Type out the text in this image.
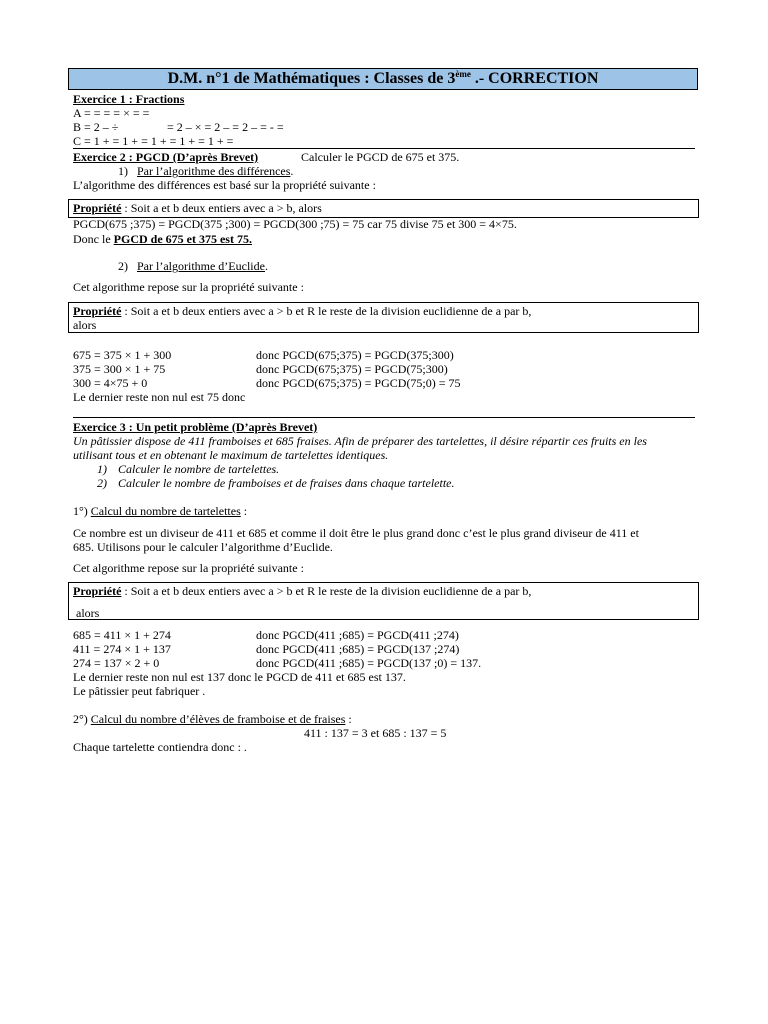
D.M. n°1 de Mathématiques : Classes de 3ème .- CORRECTION
Exercice 1 : Fractions
A = = = = × = =
B = 2 – ÷	= 2 – × = 2 – = 2 – = - =
C = 1 + = 1 + = 1 + = 1 + = 1 + =
Exercice 2 : PGCD (D’après Brevet)	Calculer le PGCD de 675 et 375.
1) Par l’algorithme des différences.
L’algorithme des différences est basé sur la propriété suivante :
Propriété : Soit a et b deux entiers avec a > b, alors
PGCD(675 ;375) = PGCD(375 ;300) = PGCD(300 ;75) = 75 car 75 divise 75 et 300 = 4×75.
Donc le PGCD de 675 et 375 est 75.
2) Par l’algorithme d’Euclide.
Cet algorithme repose sur la propriété suivante :
Propriété : Soit a et b deux entiers avec a > b et R le reste de la division euclidienne de a par b,
alors
675 = 375 × 1 + 300	donc PGCD(675;375) = PGCD(375;300)
375 = 300 × 1 + 75	donc PGCD(675;375) = PGCD(75;300)
300 = 4×75 + 0	donc PGCD(675;375) = PGCD(75;0) = 75
Le dernier reste non nul est 75 donc
Exercice 3 : Un petit problème (D’après Brevet)
Un pâtissier dispose de 411 framboises et 685 fraises. Afin de préparer des tartelettes, il désire répartir ces fruits en les
utilisant tous et en obtenant le maximum de tartelettes identiques.
1) Calculer le nombre de tartelettes.
2) Calculer le nombre de framboises et de fraises dans chaque tartelette.
1°) Calcul du nombre de tartelettes :
Ce nombre est un diviseur de 411 et 685 et comme il doit être le plus grand donc c’est le plus grand diviseur de 411 et
685. Utilisons pour le calculer l’algorithme d’Euclide.
Cet algorithme repose sur la propriété suivante :
Propriété : Soit a et b deux entiers avec a > b et R le reste de la division euclidienne de a par b,
alors
685 = 411 × 1 + 274	donc PGCD(411 ;685) = PGCD(411 ;274)
411 = 274 × 1 + 137	donc PGCD(411 ;685) = PGCD(137 ;274)
274 = 137 × 2 + 0	donc PGCD(411 ;685) = PGCD(137 ;0) = 137.
Le dernier reste non nul est 137 donc le PGCD de 411 et 685 est 137.
Le pâtissier peut fabriquer .
2°) Calcul du nombre d’élèves de framboise et de fraises :
411 : 137 = 3 et 685 : 137 = 5
Chaque tartelette contiendra donc : .
